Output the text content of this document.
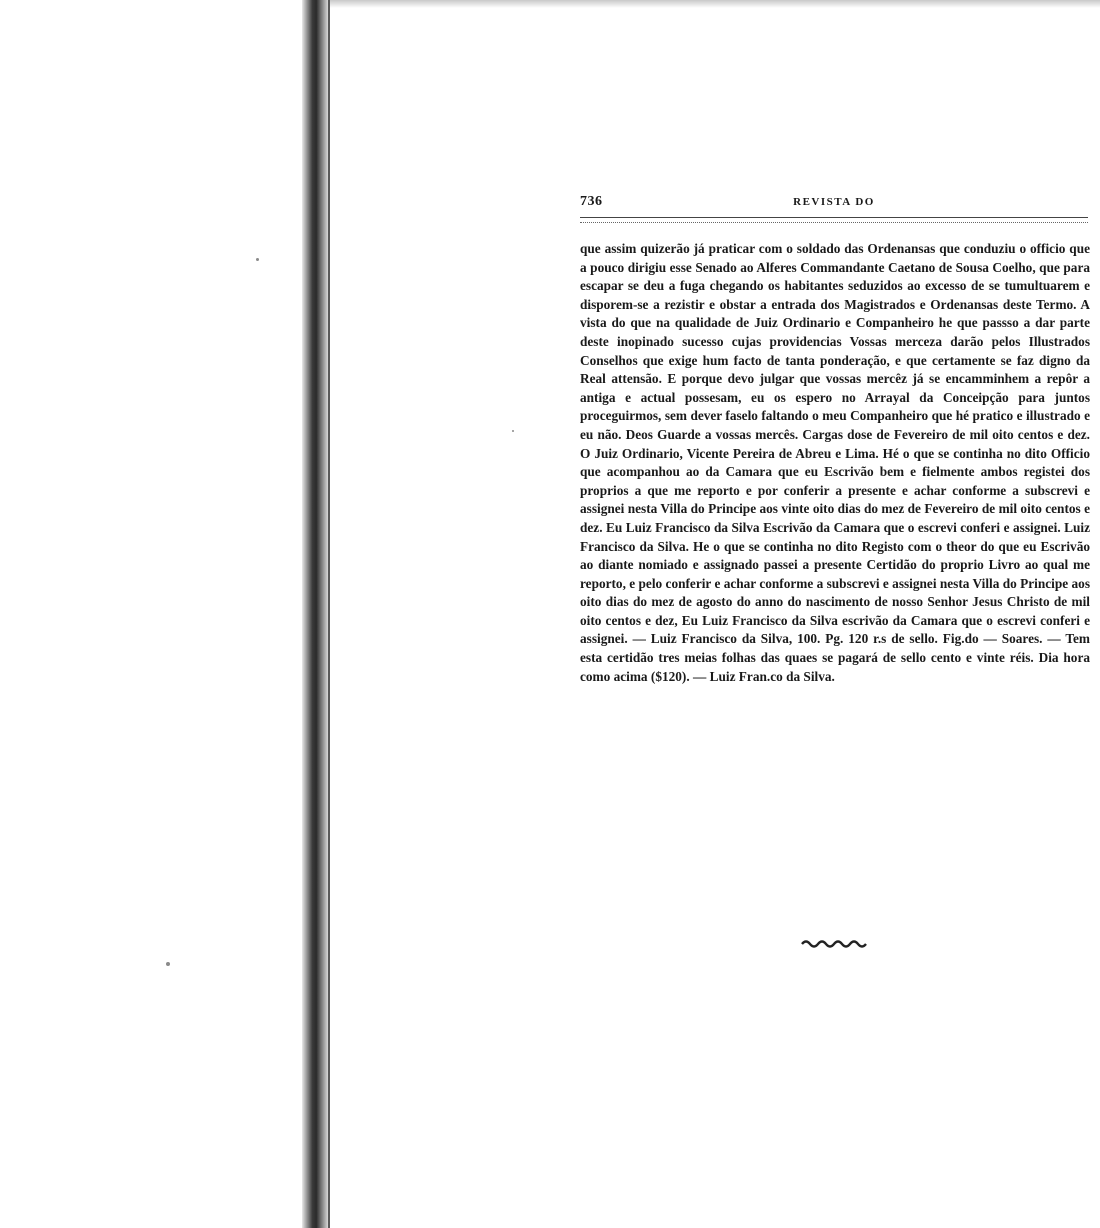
736	REVISTA DO

que assim quizerão já praticar com o soldado das Ordenansas que conduziu o officio que a pouco dirigiu esse Senado ao Alferes Commandante Caetano de Sousa Coelho, que para escapar se deu a fuga chegando os habitantes seduzidos ao excesso de se tumultuarem e disporem-se a rezistir e obstar a entrada dos Magistrados e Ordenansas deste Termo. A vista do que na qualidade de Juiz Ordinario e Companheiro he que passso a dar parte deste inopinado sucesso cujas providencias Vossas merceza darão pelos Illustrados Conselhos que exige hum facto de tanta ponderação, e que certamente se faz digno da Real attensão. E porque devo julgar que vossas mercêz já se encamminhem a repôr a antiga e actual possesam, eu os espero no Arrayal da Conceipção para juntos proceguirmos, sem dever faselo faltando o meu Companheiro que hé pratico e illustrado e eu não. Deos Guarde a vossas mercês. Cargas dose de Fevereiro de mil oito centos e dez. O Juiz Ordinario, Vicente Pereira de Abreu e Lima. Hé o que se continha no dito Officio que acompanhou ao da Camara que eu Escrivão bem e fielmente ambos registei dos proprios a que me reporto e por conferir a presente e achar conforme a subscrevi e assignei nesta Villa do Principe aos vinte oito dias do mez de Fevereiro de mil oito centos e dez. Eu Luiz Francisco da Silva Escrivão da Camara que o escrevi conferi e assignei. Luiz Francisco da Silva. He o que se continha no dito Registo com o theor do que eu Escrivão ao diante nomiado e assignado passei a presente Certidão do proprio Livro ao qual me reporto, e pelo conferir e achar conforme a subscrevi e assignei nesta Villa do Principe aos oito dias do mez de agosto do anno do nascimento de nosso Senhor Jesus Christo de mil oito centos e dez, Eu Luiz Francisco da Silva escrivão da Camara que o escrevi conferi e assignei. — Luiz Francisco da Silva, 100. Pg. 120 r.s de sello. Fig.do — Soares. — Tem esta certidão tres meias folhas das quaes se pagará de sello cento e vinte réis. Dia hora como acima ($120). — Luiz Fran.co da Silva.
